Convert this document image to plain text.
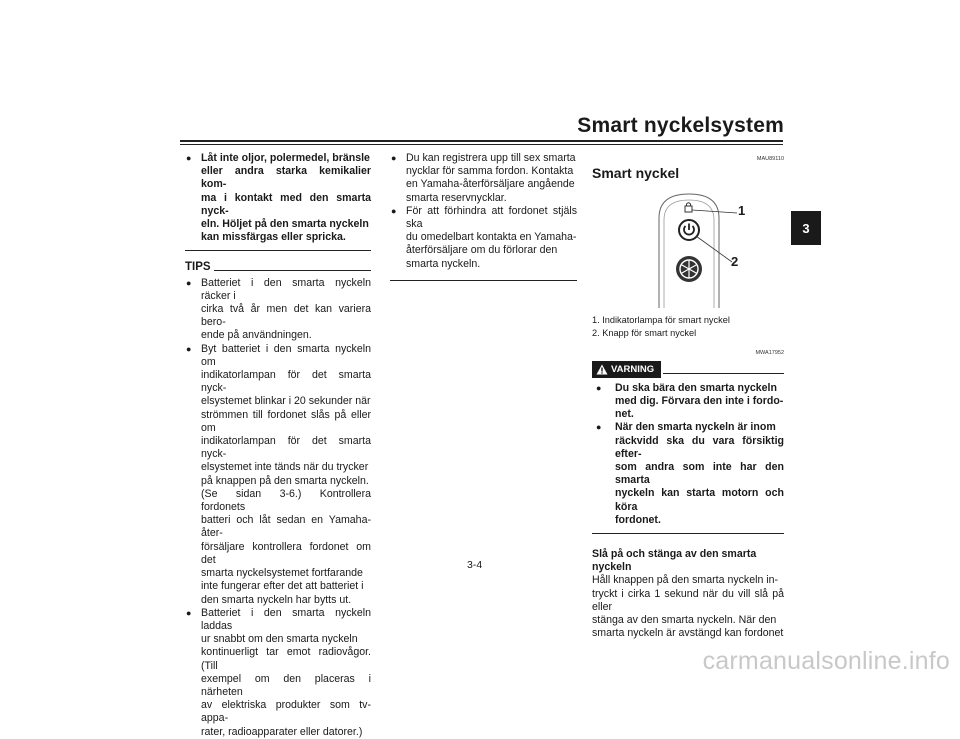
Smart nyckelsystem
3
● Låt inte oljor, polermedel, bränsle
eller andra starka kemikalier kom-
ma i kontakt med den smarta nyck-
eln. Höljet på den smarta nyckeln
kan missfärgas eller spricka.
TIPS
● Batteriet i den smarta nyckeln räcker i
cirka två år men det kan variera bero-
ende på användningen.
● Byt batteriet i den smarta nyckeln om
indikatorlampan för det smarta nyck-
elsystemet blinkar i 20 sekunder när
strömmen till fordonet slås på eller om
indikatorlampan för det smarta nyck-
elsystemet inte tänds när du trycker
på knappen på den smarta nyckeln.
(Se sidan 3-6.) Kontrollera fordonets
batteri och låt sedan en Yamaha-åter-
försäljare kontrollera fordonet om det
smarta nyckelsystemet fortfarande
inte fungerar efter det att batteriet i
den smarta nyckeln har bytts ut.
● Batteriet i den smarta nyckeln laddas
ur snabbt om den smarta nyckeln
kontinuerligt tar emot radiovågor. (Till
exempel om den placeras i närheten
av elektriska produkter som tv-appa-
rater, radioapparater eller datorer.)
● Du kan registrera upp till sex smarta
nycklar för samma fordon. Kontakta
en Yamaha-återförsäljare angående
smarta reservnycklar.
● För att förhindra att fordonet stjäls ska
du omedelbart kontakta en Yamaha-
återförsäljare om du förlorar den
smarta nyckeln.
MAU89110
Smart nyckel
1
2
1. Indikatorlampa för smart nyckel
2. Knapp för smart nyckel
MWA17952
VARNING
● Du ska bära den smarta nyckeln
med dig. Förvara den inte i fordo-
net.
● När den smarta nyckeln är inom
räckvidd ska du vara försiktig efter-
som andra som inte har den smarta
nyckeln kan starta motorn och köra
fordonet.
Slå på och stänga av den smarta nyckeln
Håll knappen på den smarta nyckeln in-
tryckt i cirka 1 sekund när du vill slå på eller
stänga av den smarta nyckeln. När den
smarta nyckeln är avstängd kan fordonet
3-4
carmanualsonline.info
